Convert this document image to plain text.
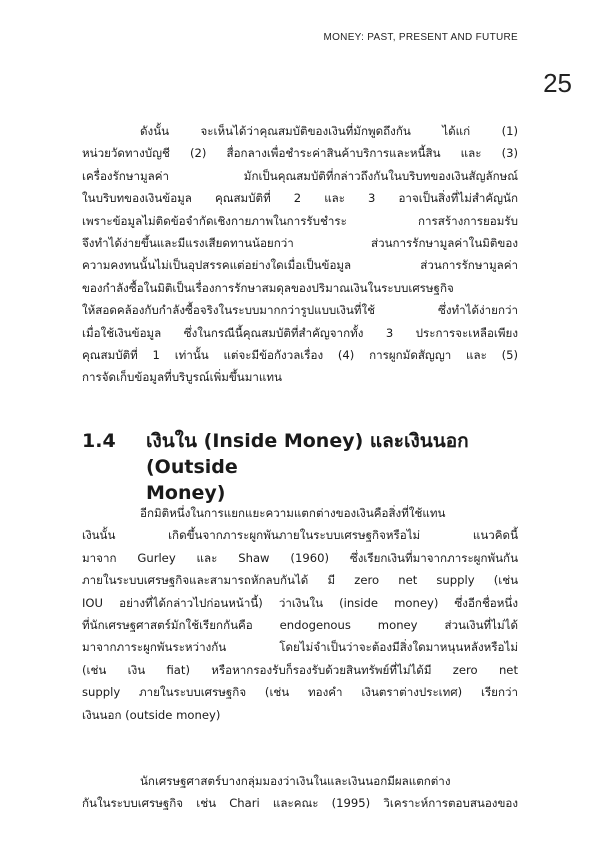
MONEY: PAST, PRESENT AND FUTURE
25
ดังนั้น จะเห็นได้ว่าคุณสมบัติของเงินที่มักพูดถึงกัน ได้แก่ (1)
หน่วยวัดทางบัญชี (2) สื่อกลางเพื่อชำระค่าสินค้าบริการและหนี้สิน และ (3)
เครื่องรักษามูลค่า มักเป็นคุณสมบัติที่กล่าวถึงกันในบริบทของเงินสัญลักษณ์
ในบริบทของเงินข้อมูล คุณสมบัติที่ 2 และ 3 อาจเป็นสิ่งที่ไม่สำคัญนัก
เพราะข้อมูลไม่ติดข้อจำกัดเชิงกายภาพในการรับชำระ การสร้างการยอมรับ
จึงทำได้ง่ายขึ้นและมีแรงเสียดทานน้อยกว่า ส่วนการรักษามูลค่าในมิติของ
ความคงทนนั้นไม่เป็นอุปสรรคแต่อย่างใดเมื่อเป็นข้อมูล ส่วนการรักษามูลค่า
ของกำลังซื้อในมิติเป็นเรื่องการรักษาสมดุลของปริมาณเงินในระบบเศรษฐกิจ
ให้สอดคล้องกับกำลังซื้อจริงในระบบมากกว่ารูปแบบเงินที่ใช้ ซึ่งทำได้ง่ายกว่า
เมื่อใช้เงินข้อมูล ซึ่งในกรณีนี้คุณสมบัติที่สำคัญจากทั้ง 3 ประการจะเหลือเพียง
คุณสมบัติที่ 1 เท่านั้น แต่จะมีข้อกังวลเรื่อง (4) การผูกมัดสัญญา และ (5)
การจัดเก็บข้อมูลที่บริบูรณ์เพิ่มขึ้นมาแทน
1.4 เงินใน (Inside Money) และเงินนอก (Outside
Money)
อีกมิติหนึ่งในการแยกแยะความแตกต่างของเงินคือสิ่งที่ใช้แทน
เงินนั้น เกิดขึ้นจากภาระผูกพันภายในระบบเศรษฐกิจหรือไม่ แนวคิดนี้
มาจาก Gurley และ Shaw (1960) ซึ่งเรียกเงินที่มาจากภาระผูกพันกัน
ภายในระบบเศรษฐกิจและสามารถหักลบกันได้ มี zero net supply (เช่น
IOU อย่างที่ได้กล่าวไปก่อนหน้านี้) ว่าเงินใน (inside money) ซึ่งอีกชื่อหนึ่ง
ที่นักเศรษฐศาสตร์มักใช้เรียกกันคือ endogenous money ส่วนเงินที่ไม่ได้
มาจากภาระผูกพันระหว่างกัน โดยไม่จำเป็นว่าจะต้องมีสิ่งใดมาหนุนหลังหรือไม่
(เช่น เงิน fiat) หรือหากรองรับก็รองรับด้วยสินทรัพย์ที่ไม่ได้มี zero net
supply ภายในระบบเศรษฐกิจ (เช่น ทองคำ เงินตราต่างประเทศ) เรียกว่า
เงินนอก (outside money)
นักเศรษฐศาสตร์บางกลุ่มมองว่าเงินในและเงินนอกมีผลแตกต่าง
กันในระบบเศรษฐกิจ เช่น Chari และคณะ (1995) วิเคราะห์การตอบสนองของ
